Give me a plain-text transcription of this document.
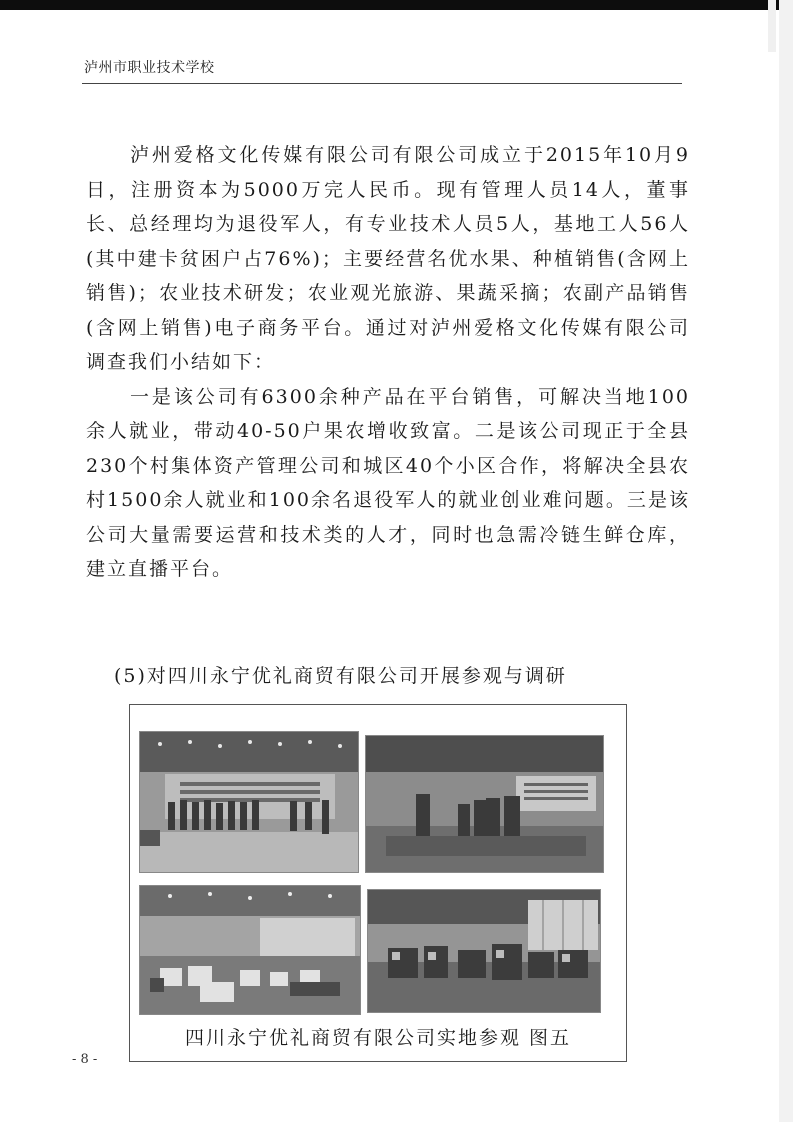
泸州市职业技术学校

泸州爱格文化传媒有限公司有限公司成立于2015年10月9日，注册资本为5000万完人民币。现有管理人员14人，董事长、总经理均为退役军人，有专业技术人员5人，基地工人56人(其中建卡贫困户占76%)；主要经营名优水果、种植销售(含网上销售)；农业技术研发；农业观光旅游、果蔬采摘；农副产品销售(含网上销售)电子商务平台。通过对泸州爱格文化传媒有限公司调查我们小结如下：

一是该公司有6300余种产品在平台销售，可解决当地100余人就业，带动40-50户果农增收致富。二是该公司现正于全县230个村集体资产管理公司和城区40个小区合作，将解决全县农村1500余人就业和100余名退役军人的就业创业难问题。三是该公司大量需要运营和技术类的人才，同时也急需冷链生鲜仓库，建立直播平台。

(5)对四川永宁优礼商贸有限公司开展参观与调研
四川永宁优礼商贸有限公司实地参观 图五
- 8 -
